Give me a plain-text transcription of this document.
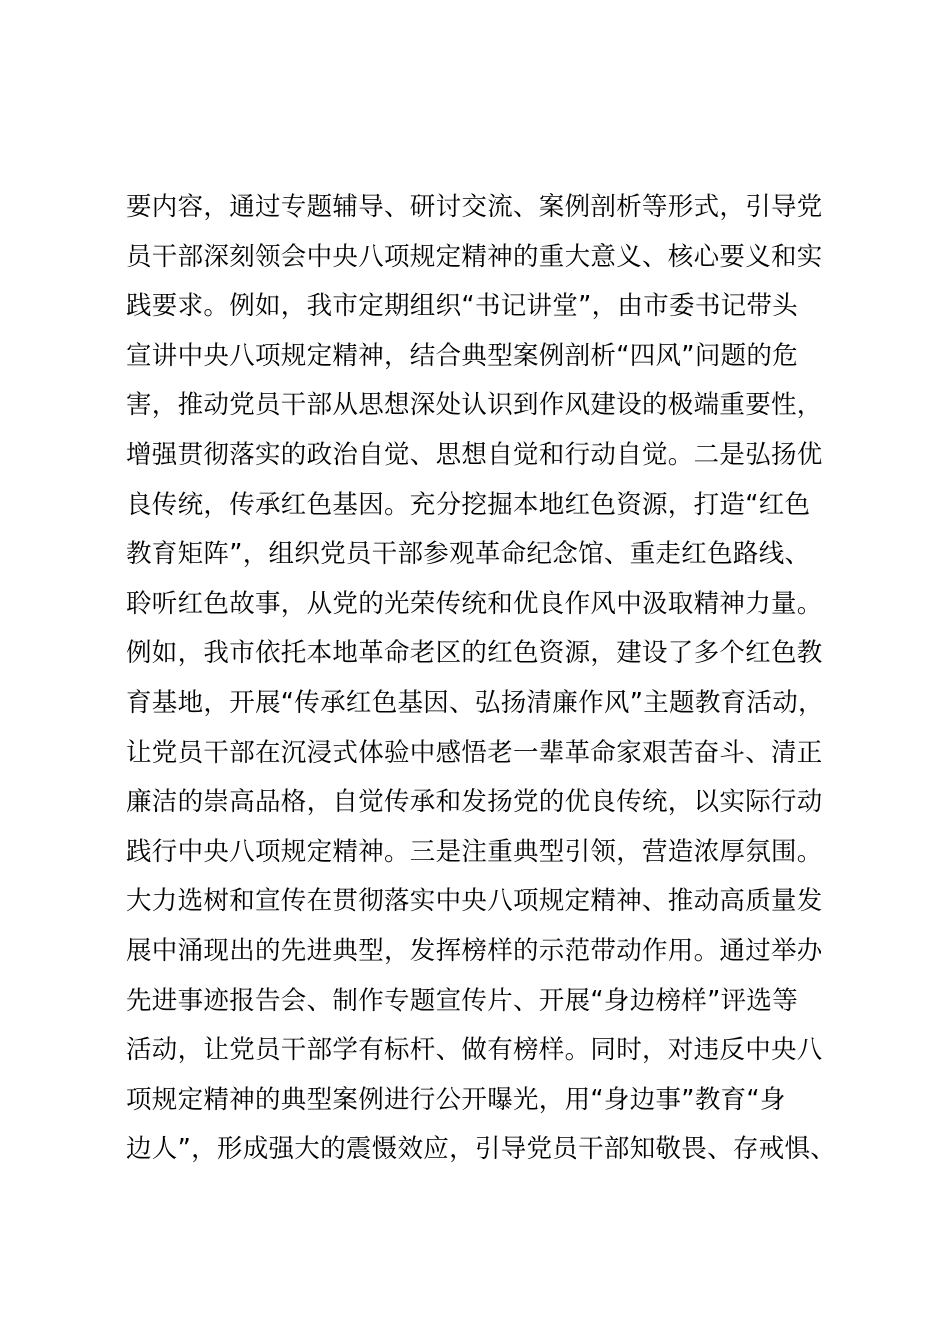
要内容，通过专题辅导、研讨交流、案例剖析等形式，引导党
员干部深刻领会中央八项规定精神的重大意义、核心要义和实
践要求。例如，我市定期组织“书记讲堂”，由市委书记带头
宣讲中央八项规定精神，结合典型案例剖析“四风”问题的危
害，推动党员干部从思想深处认识到作风建设的极端重要性，
增强贯彻落实的政治自觉、思想自觉和行动自觉。二是弘扬优
良传统，传承红色基因。充分挖掘本地红色资源，打造“红色
教育矩阵”，组织党员干部参观革命纪念馆、重走红色路线、
聆听红色故事，从党的光荣传统和优良作风中汲取精神力量。
例如，我市依托本地革命老区的红色资源，建设了多个红色教
育基地，开展“传承红色基因、弘扬清廉作风”主题教育活动，
让党员干部在沉浸式体验中感悟老一辈革命家艰苦奋斗、清正
廉洁的崇高品格，自觉传承和发扬党的优良传统，以实际行动
践行中央八项规定精神。三是注重典型引领，营造浓厚氛围。
大力选树和宣传在贯彻落实中央八项规定精神、推动高质量发
展中涌现出的先进典型，发挥榜样的示范带动作用。通过举办
先进事迹报告会、制作专题宣传片、开展“身边榜样”评选等
活动，让党员干部学有标杆、做有榜样。同时，对违反中央八
项规定精神的典型案例进行公开曝光，用“身边事”教育“身
边人”，形成强大的震慑效应，引导党员干部知敬畏、存戒惧、
